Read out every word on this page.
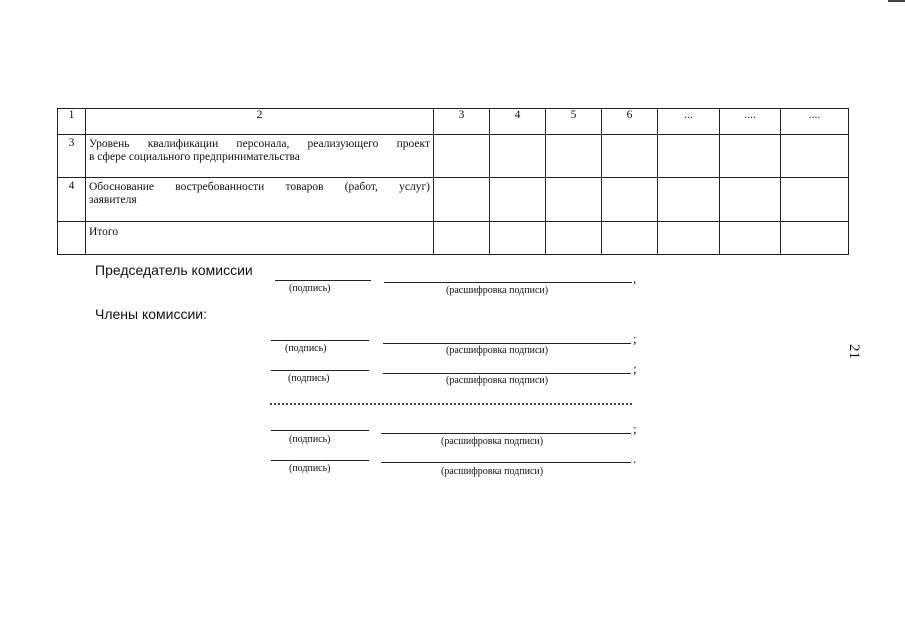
1	2	3	4	5	6	...	....	....
3	Уровень квалификации персонала, реализующего проект
в сфере социального предпринимательства							

4	Обоснование востребованности товаров (работ, услуг)
заявителя							

	Итого							
Председатель комиссии
,
(подпись)	(расшифровка подписи)
Члены комиссии:
;
(подпись)	(расшифровка подписи)
;
(подпись)	(расшифровка подписи)
;
(подпись)	(расшифровка подписи)
.
(подпись)	(расшифровка подписи)
21
